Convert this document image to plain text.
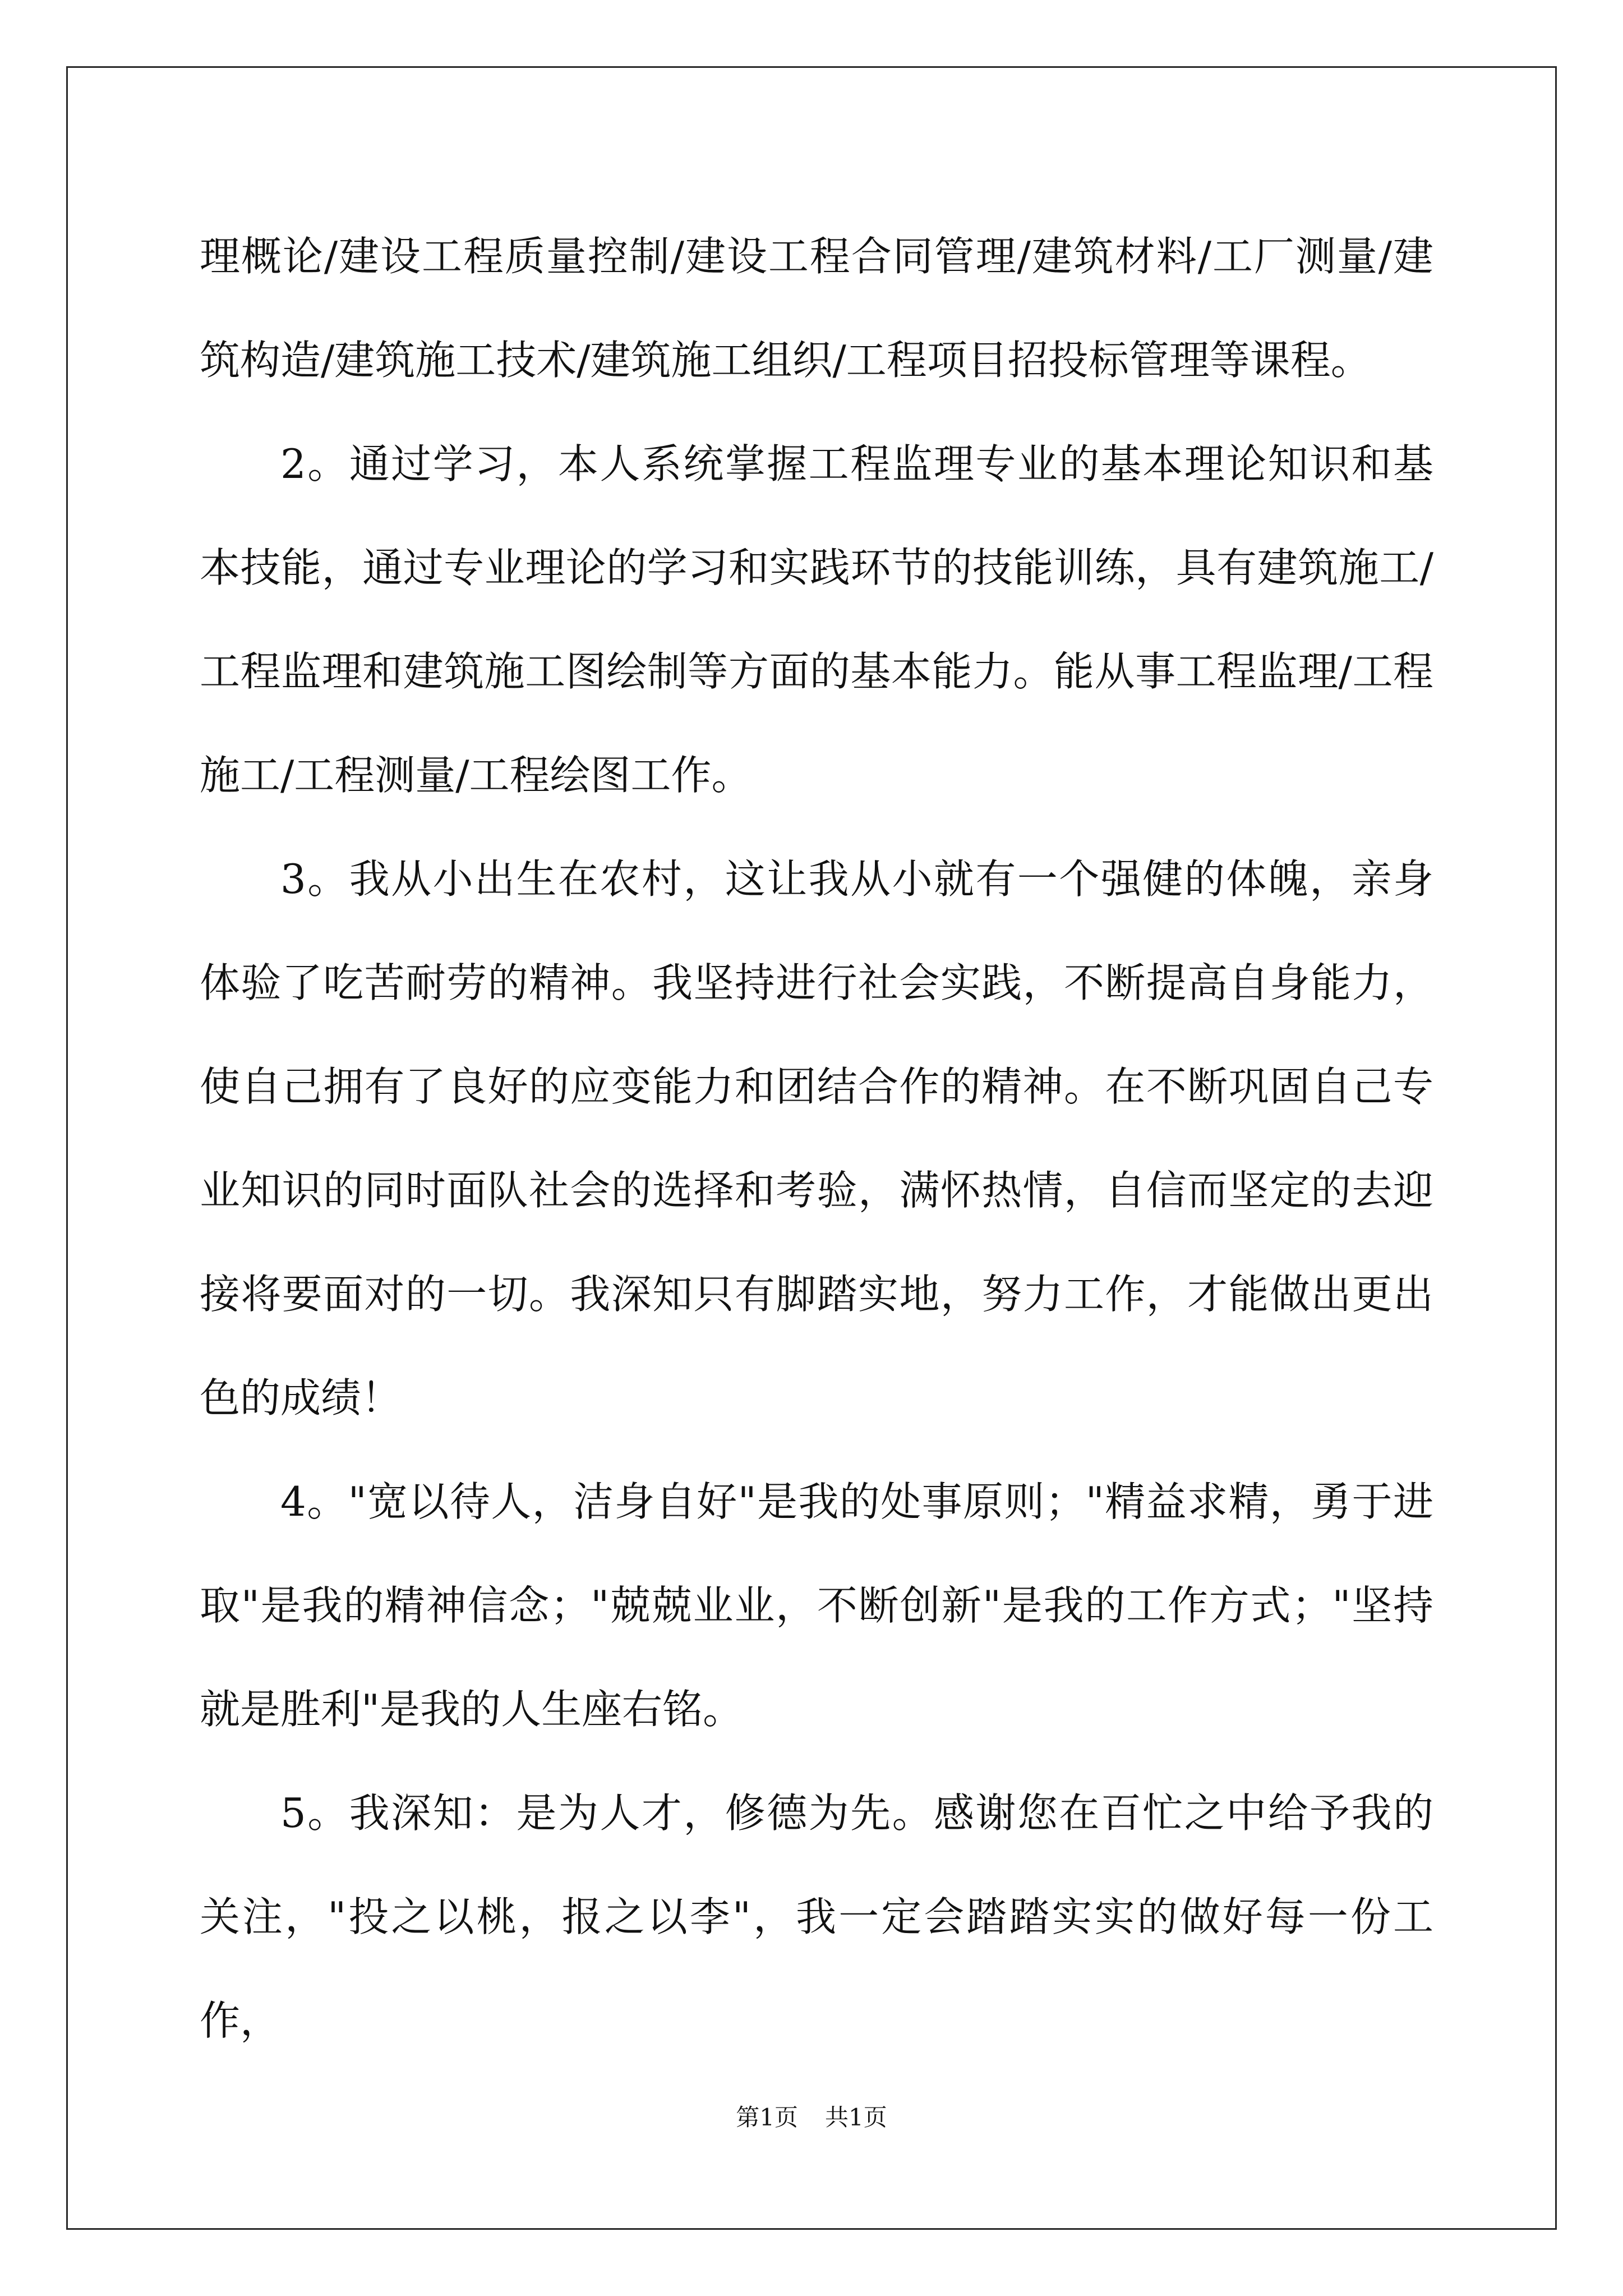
理概论/建设工程质量控制/建设工程合同管理/建筑材料/工厂测量/建筑构造/建筑施工技术/建筑施工组织/工程项目招投标管理等课程。

2。通过学习，本人系统掌握工程监理专业的基本理论知识和基本技能，通过专业理论的学习和实践环节的技能训练，具有建筑施工/工程监理和建筑施工图绘制等方面的基本能力。能从事工程监理/工程施工/工程测量/工程绘图工作。

3。我从小出生在农村，这让我从小就有一个强健的体魄，亲身体验了吃苦耐劳的精神。我坚持进行社会实践，不断提高自身能力，使自己拥有了良好的应变能力和团结合作的精神。在不断巩固自己专业知识的同时面队社会的选择和考验，满怀热情，自信而坚定的去迎接将要面对的一切。我深知只有脚踏实地，努力工作，才能做出更出色的成绩！

4。"宽以待人，洁身自好"是我的处事原则；"精益求精，勇于进取"是我的精神信念；"兢兢业业，不断创新"是我的工作方式；"坚持就是胜利"是我的人生座右铭。

5。我深知：是为人才，修德为先。感谢您在百忙之中给予我的关注，"投之以桃，报之以李"，我一定会踏踏实实的做好每一份工作，

第1页 共1页
